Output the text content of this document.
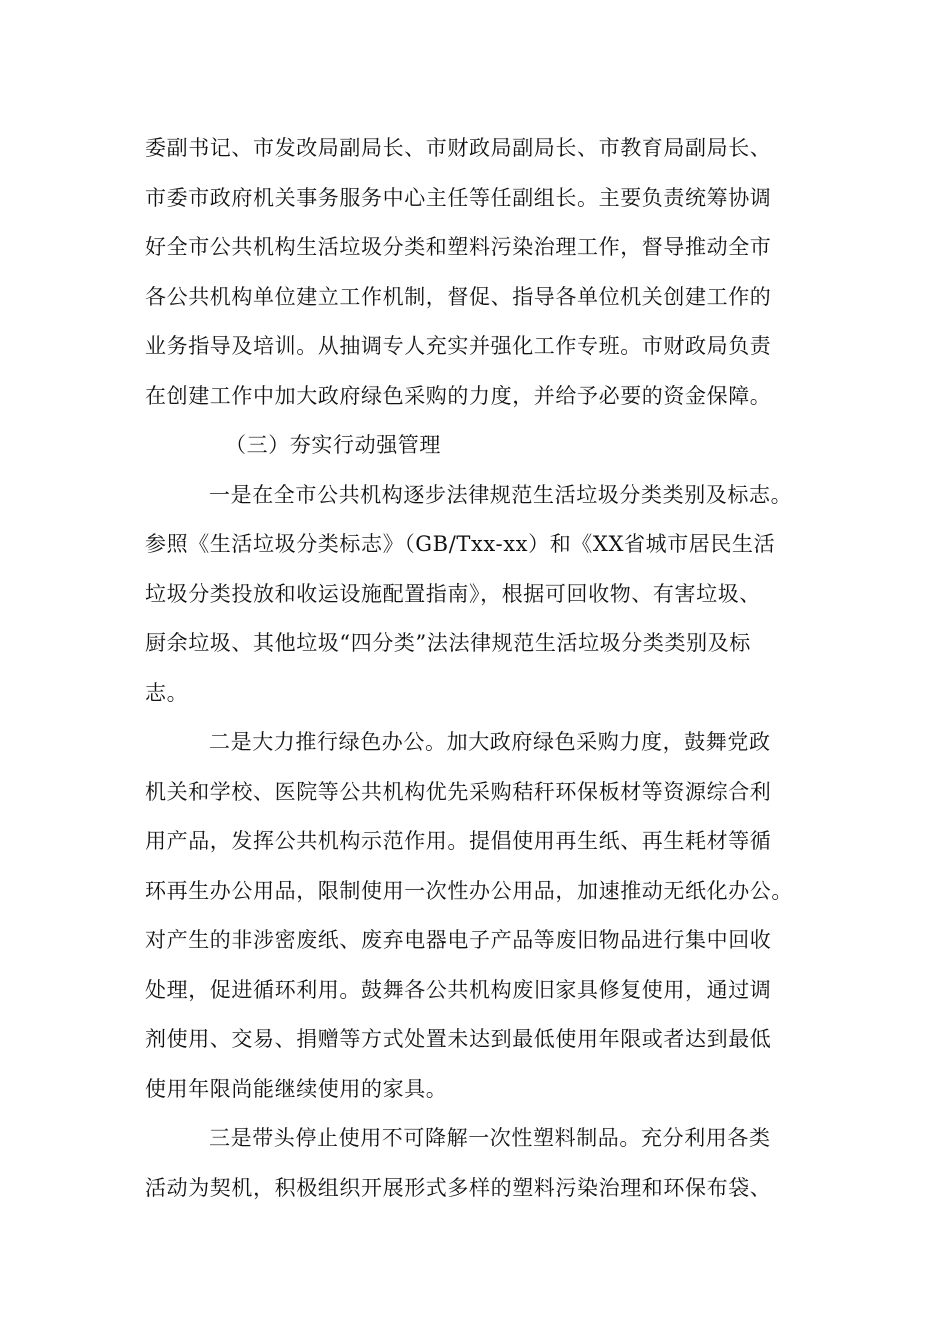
委副书记、市发改局副局长、市财政局副局长、市教育局副局长、
市委市政府机关事务服务中心主任等任副组长。主要负责统筹协调
好全市公共机构生活垃圾分类和塑料污染治理工作，督导推动全市
各公共机构单位建立工作机制，督促、指导各单位机关创建工作的
业务指导及培训。从抽调专人充实并强化工作专班。市财政局负责
在创建工作中加大政府绿色采购的力度，并给予必要的资金保障。
（三）夯实行动强管理
一是在全市公共机构逐步法律规范生活垃圾分类类别及标志。
参照《生活垃圾分类标志》（GB/Txx-xx）和《XX省城市居民生活
垃圾分类投放和收运设施配置指南》，根据可回收物、有害垃圾、
厨余垃圾、其他垃圾“四分类”法法律规范生活垃圾分类类别及标
志。
二是大力推行绿色办公。加大政府绿色采购力度，鼓舞党政
机关和学校、医院等公共机构优先采购秸秆环保板材等资源综合利
用产品，发挥公共机构示范作用。提倡使用再生纸、再生耗材等循
环再生办公用品，限制使用一次性办公用品，加速推动无纸化办公。
对产生的非涉密废纸、废弃电器电子产品等废旧物品进行集中回收
处理，促进循环利用。鼓舞各公共机构废旧家具修复使用，通过调
剂使用、交易、捐赠等方式处置未达到最低使用年限或者达到最低
使用年限尚能继续使用的家具。
三是带头停止使用不可降解一次性塑料制品。充分利用各类
活动为契机，积极组织开展形式多样的塑料污染治理和环保布袋、
